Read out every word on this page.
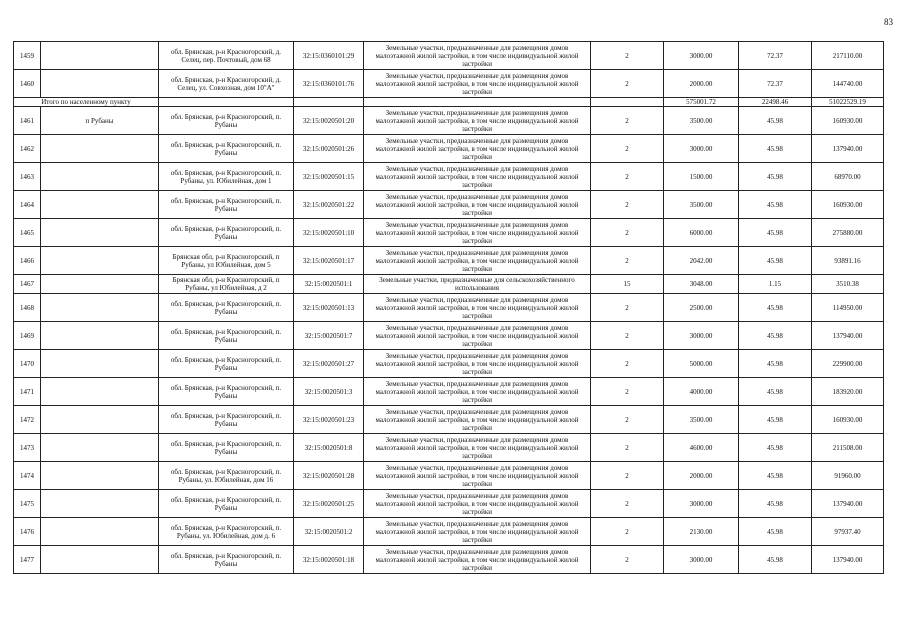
83
1459		обл. Брянская, р-н Красногорский, д. Селец, пер. Почтовый, дом 68	32:15:0360101:29	Земельные участки, предназначенные для размещения домов малоэтажной жилой застройки, в том числе индивидуальной жилой застройки	2	3000.00	72.37	217110.00
1460		обл. Брянская, р-н Красногорский, д. Селец, ул. Совхозная, дом 10"А"	32:15:0360101:76	Земельные участки, предназначенные для размещения домов малоэтажной жилой застройки, в том числе индивидуальной жилой застройки	2	2000.00	72.37	144740.00
Итого по населенному пункту						575001.72	22498.46	51022529.19
1461	п Рубаны	обл. Брянская, р-н Красногорский, п. Рубаны	32:15:0020501:20	Земельные участки, предназначенные для размещения домов малоэтажной жилой застройки, в том числе индивидуальной жилой застройки	2	3500.00	45.98	160930.00
1462		обл. Брянская, р-н Красногорский, п. Рубаны	32:15:0020501:26	Земельные участки, предназначенные для размещения домов малоэтажной жилой застройки, в том числе индивидуальной жилой застройки	2	3000.00	45.98	137940.00
1463		обл. Брянская, р-н Красногорский, п. Рубаны, ул. Юбилейная, дом 1	32:15:0020501:15	Земельные участки, предназначенные для размещения домов малоэтажной жилой застройки, в том числе индивидуальной жилой застройки	2	1500.00	45.98	68970.00
1464		обл. Брянская, р-н Красногорский, п. Рубаны	32:15:0020501:22	Земельные участки, предназначенные для размещения домов малоэтажной жилой застройки, в том числе индивидуальной жилой застройки	2	3500.00	45.98	160930.00
1465		обл. Брянская, р-н Красногорский, п. Рубаны	32:15:0020501:10	Земельные участки, предназначенные для размещения домов малоэтажной жилой застройки, в том числе индивидуальной жилой застройки	2	6000.00	45.98	275880.00
1466		Брянская обл, р-н Красногорский, п Рубаны, ул Юбилейная, дом 5	32:15:0020501:17	Земельные участки, предназначенные для размещения домов малоэтажной жилой застройки, в том числе индивидуальной жилой застройки	2	2042.00	45.98	93891.16
1467		Брянская обл, р-н Красногорский, п Рубаны, ул Юбилейная, д 2	32:15:0020501:1	Земельные участки, предназначенные для сельскохозяйственного использования	15	3048.00	1.15	3510.38
1468		обл. Брянская, р-н Красногорский, п. Рубаны	32:15:0020501:13	Земельные участки, предназначенные для размещения домов малоэтажной жилой застройки, в том числе индивидуальной жилой застройки	2	2500.00	45.98	114950.00
1469		обл. Брянская, р-н Красногорский, п. Рубаны	32:15:0020501:7	Земельные участки, предназначенные для размещения домов малоэтажной жилой застройки, в том числе индивидуальной жилой застройки	2	3000.00	45.98	137940.00
1470		обл. Брянская, р-н Красногорский, п. Рубаны	32:15:0020501:27	Земельные участки, предназначенные для размещения домов малоэтажной жилой застройки, в том числе индивидуальной жилой застройки	2	5000.00	45.98	229900.00
1471		обл. Брянская, р-н Красногорский, п. Рубаны	32:15:0020501:3	Земельные участки, предназначенные для размещения домов малоэтажной жилой застройки, в том числе индивидуальной жилой застройки	2	4000.00	45.98	183920.00
1472		обл. Брянская, р-н Красногорский, п. Рубаны	32:15:0020501:23	Земельные участки, предназначенные для размещения домов малоэтажной жилой застройки, в том числе индивидуальной жилой застройки	2	3500.00	45.98	160930.00
1473		обл. Брянская, р-н Красногорский, п. Рубаны	32:15:0020501:8	Земельные участки, предназначенные для размещения домов малоэтажной жилой застройки, в том числе индивидуальной жилой застройки	2	4600.00	45.98	211508.00
1474		обл. Брянская, р-н Красногорский, п. Рубаны, ул. Юбилейная, дом 16	32:15:0020501:28	Земельные участки, предназначенные для размещения домов малоэтажной жилой застройки, в том числе индивидуальной жилой застройки	2	2000.00	45.98	91960.00
1475		обл. Брянская, р-н Красногорский, п. Рубаны	32:15:0020501:25	Земельные участки, предназначенные для размещения домов малоэтажной жилой застройки, в том числе индивидуальной жилой застройки	2	3000.00	45.98	137940.00
1476		обл. Брянская, р-н Красногорский, п. Рубаны, ул. Юбилейная, дом д. 6	32:15:0020501:2	Земельные участки, предназначенные для размещения домов малоэтажной жилой застройки, в том числе индивидуальной жилой застройки	2	2130.00	45.98	97937.40
1477		обл. Брянская, р-н Красногорский, п. Рубаны	32:15:0020501:18	Земельные участки, предназначенные для размещения домов малоэтажной жилой застройки, в том числе индивидуальной жилой застройки	2	3000.00	45.98	137940.00
